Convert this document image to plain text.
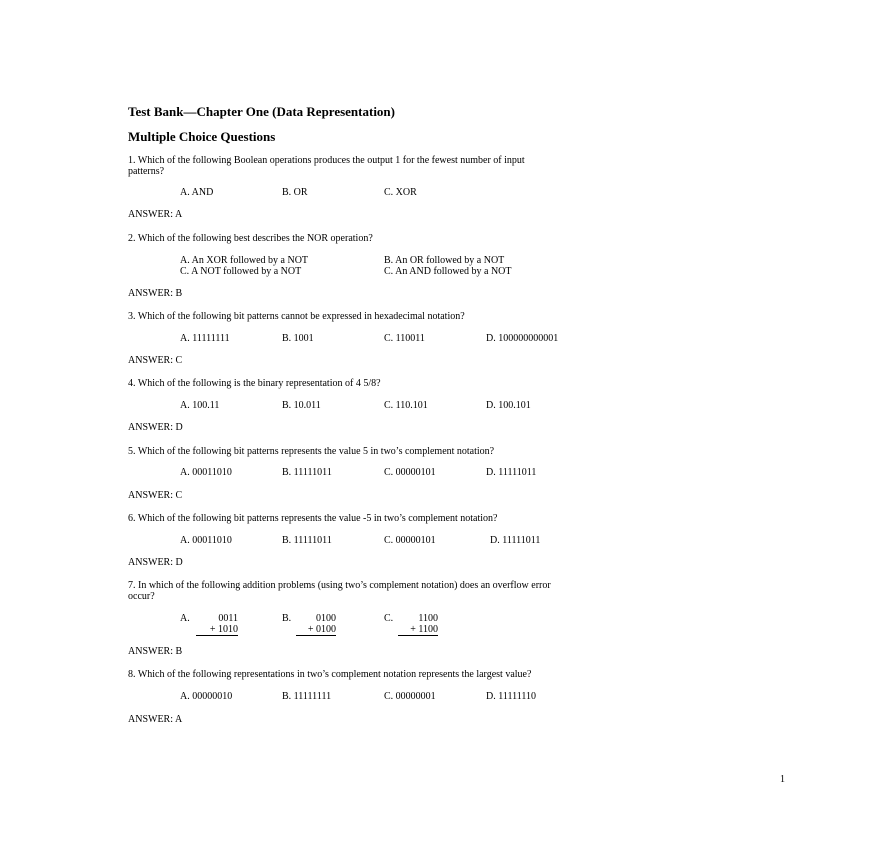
Test Bank—Chapter One (Data Representation)
Multiple Choice Questions
1. Which of the following Boolean operations produces the output 1 for the fewest number of input
patterns?
A. AND	B. OR	C. XOR
ANSWER: A
2. Which of the following best describes the NOR operation?
A. An XOR followed by a NOT	B. An OR followed by a NOT
C. A NOT followed by a NOT	C. An AND followed by a NOT
ANSWER: B
3. Which of the following bit patterns cannot be expressed in hexadecimal notation?
A. 11111111	B. 1001	C. 110011	D. 100000000001
ANSWER: C
4. Which of the following is the binary representation of 4 5/8?
A. 100.11	B. 10.011	C. 110.101	D. 100.101
ANSWER: D
5. Which of the following bit patterns represents the value 5 in two’s complement notation?
A. 00011010	B. 11111011	C. 00000101	D. 11111011
ANSWER: C
6. Which of the following bit patterns represents the value -5 in two’s complement notation?
A. 00011010	B. 11111011	C. 00000101	D. 11111011
ANSWER: D
7. In which of the following addition problems (using two’s complement notation) does an overflow error
occur?
A.	0011
+ 1010
B.	0100
+ 0100
C.	1100
+ 1100
ANSWER: B
8. Which of the following representations in two’s complement notation represents the largest value?
A. 00000010	B. 11111111	C. 00000001	D. 11111110
ANSWER: A
1
